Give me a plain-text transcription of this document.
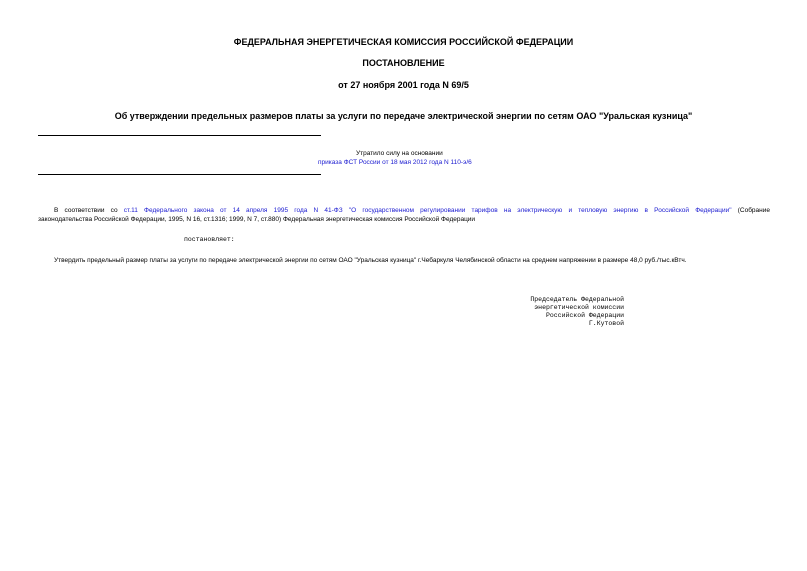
ФЕДЕРАЛЬНАЯ ЭНЕРГЕТИЧЕСКАЯ КОМИССИЯ РОССИЙСКОЙ ФЕДЕРАЦИИ
ПОСТАНОВЛЕНИЕ
от 27 ноября 2001 года N 69/5
Об утверждении предельных размеров платы за услуги по передаче электрической энергии по сетям ОАО "Уральская кузница"
Утратило силу на основании
приказа ФСТ России от 18 мая 2012 года N 110-э/6
В соответствии со ст.11 Федерального закона от 14 апреля 1995 года N 41-ФЗ "О государственном регулировании тарифов на электрическую и тепловую энергию в Российской Федерации" (Собрание
законодательства Российской Федерации, 1995, N 16, ст.1316; 1999, N 7, ст.880) Федеральная энергетическая комиссия Российской Федерации
постановляет:
Утвердить предельный размер платы за услуги по передаче электрической энергии по сетям ОАО "Уральская кузница" г.Чебаркуля Челябинской области на среднем напряжении в размере 48,0 руб./тыс.кВтч.
Председатель Федеральной
энергетической комиссии
Российской Федерации
Г.Кутовой
